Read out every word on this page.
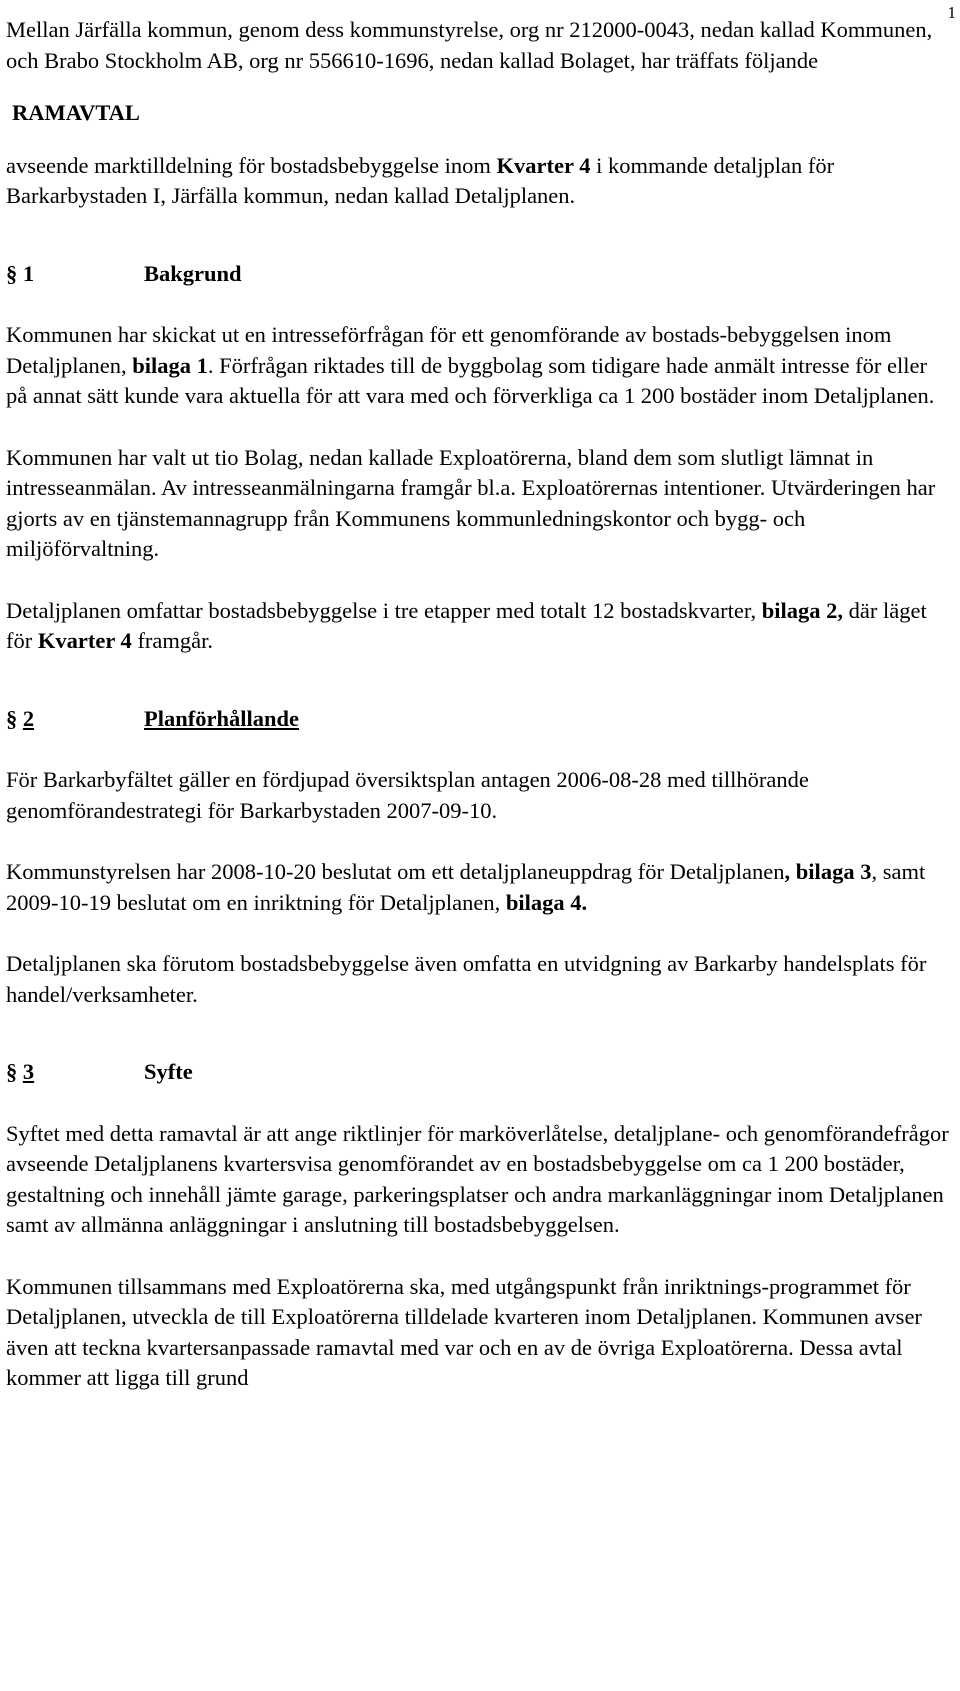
1

Mellan Järfälla kommun, genom dess kommunstyrelse, org nr 212000-0043, nedan kallad Kommunen, och Brabo Stockholm AB, org nr 556610-1696, nedan kallad Bolaget, har träffats följande

RAMAVTAL

avseende marktilldelning för bostadsbebyggelse inom Kvarter 4 i kommande detaljplan för Barkarbystaden I, Järfälla kommun, nedan kallad Detaljplanen.

§ 1	Bakgrund

Kommunen har skickat ut en intresseförfrågan för ett genomförande av bostads-bebyggelsen inom Detaljplanen, bilaga 1. Förfrågan riktades till de byggbolag som tidigare hade anmält intresse för eller på annat sätt kunde vara aktuella för att vara med och förverkliga ca 1 200 bostäder inom Detaljplanen.

Kommunen har valt ut tio Bolag, nedan kallade Exploatörerna, bland dem som slutligt lämnat in intresseanmälan. Av intresseanmälningarna framgår bl.a. Exploatörernas intentioner. Utvärderingen har gjorts av en tjänstemannagrupp från Kommunens kommunledningskontor och bygg- och miljöförvaltning.

Detaljplanen omfattar bostadsbebyggelse i tre etapper med totalt 12 bostadskvarter, bilaga 2, där läget för Kvarter 4 framgår.

§ 2	Planförhållande

För Barkarbyfältet gäller en fördjupad översiktsplan antagen 2006-08-28 med tillhörande genomförandestrategi för Barkarbystaden 2007-09-10.

Kommunstyrelsen har 2008-10-20 beslutat om ett detaljplaneuppdrag för Detaljplanen, bilaga 3, samt 2009-10-19 beslutat om en inriktning för Detaljplanen, bilaga 4.

Detaljplanen ska förutom bostadsbebyggelse även omfatta en utvidgning av Barkarby handelsplats för handel/verksamheter.

§ 3	Syfte

Syftet med detta ramavtal är att ange riktlinjer för marköverlåtelse, detaljplane- och genomförandefrågor avseende Detaljplanens kvartersvisa genomförandet av en bostadsbebyggelse om ca 1 200 bostäder, gestaltning och innehåll jämte garage, parkeringsplatser och andra markanläggningar inom Detaljplanen samt av allmänna anläggningar i anslutning till bostadsbebyggelsen.

Kommunen tillsammans med Exploatörerna ska, med utgångspunkt från inriktnings-programmet för Detaljplanen, utveckla de till Exploatörerna tilldelade kvarteren inom Detaljplanen. Kommunen avser även att teckna kvartersanpassade ramavtal med var och en av de övriga Exploatörerna. Dessa avtal kommer att ligga till grund
